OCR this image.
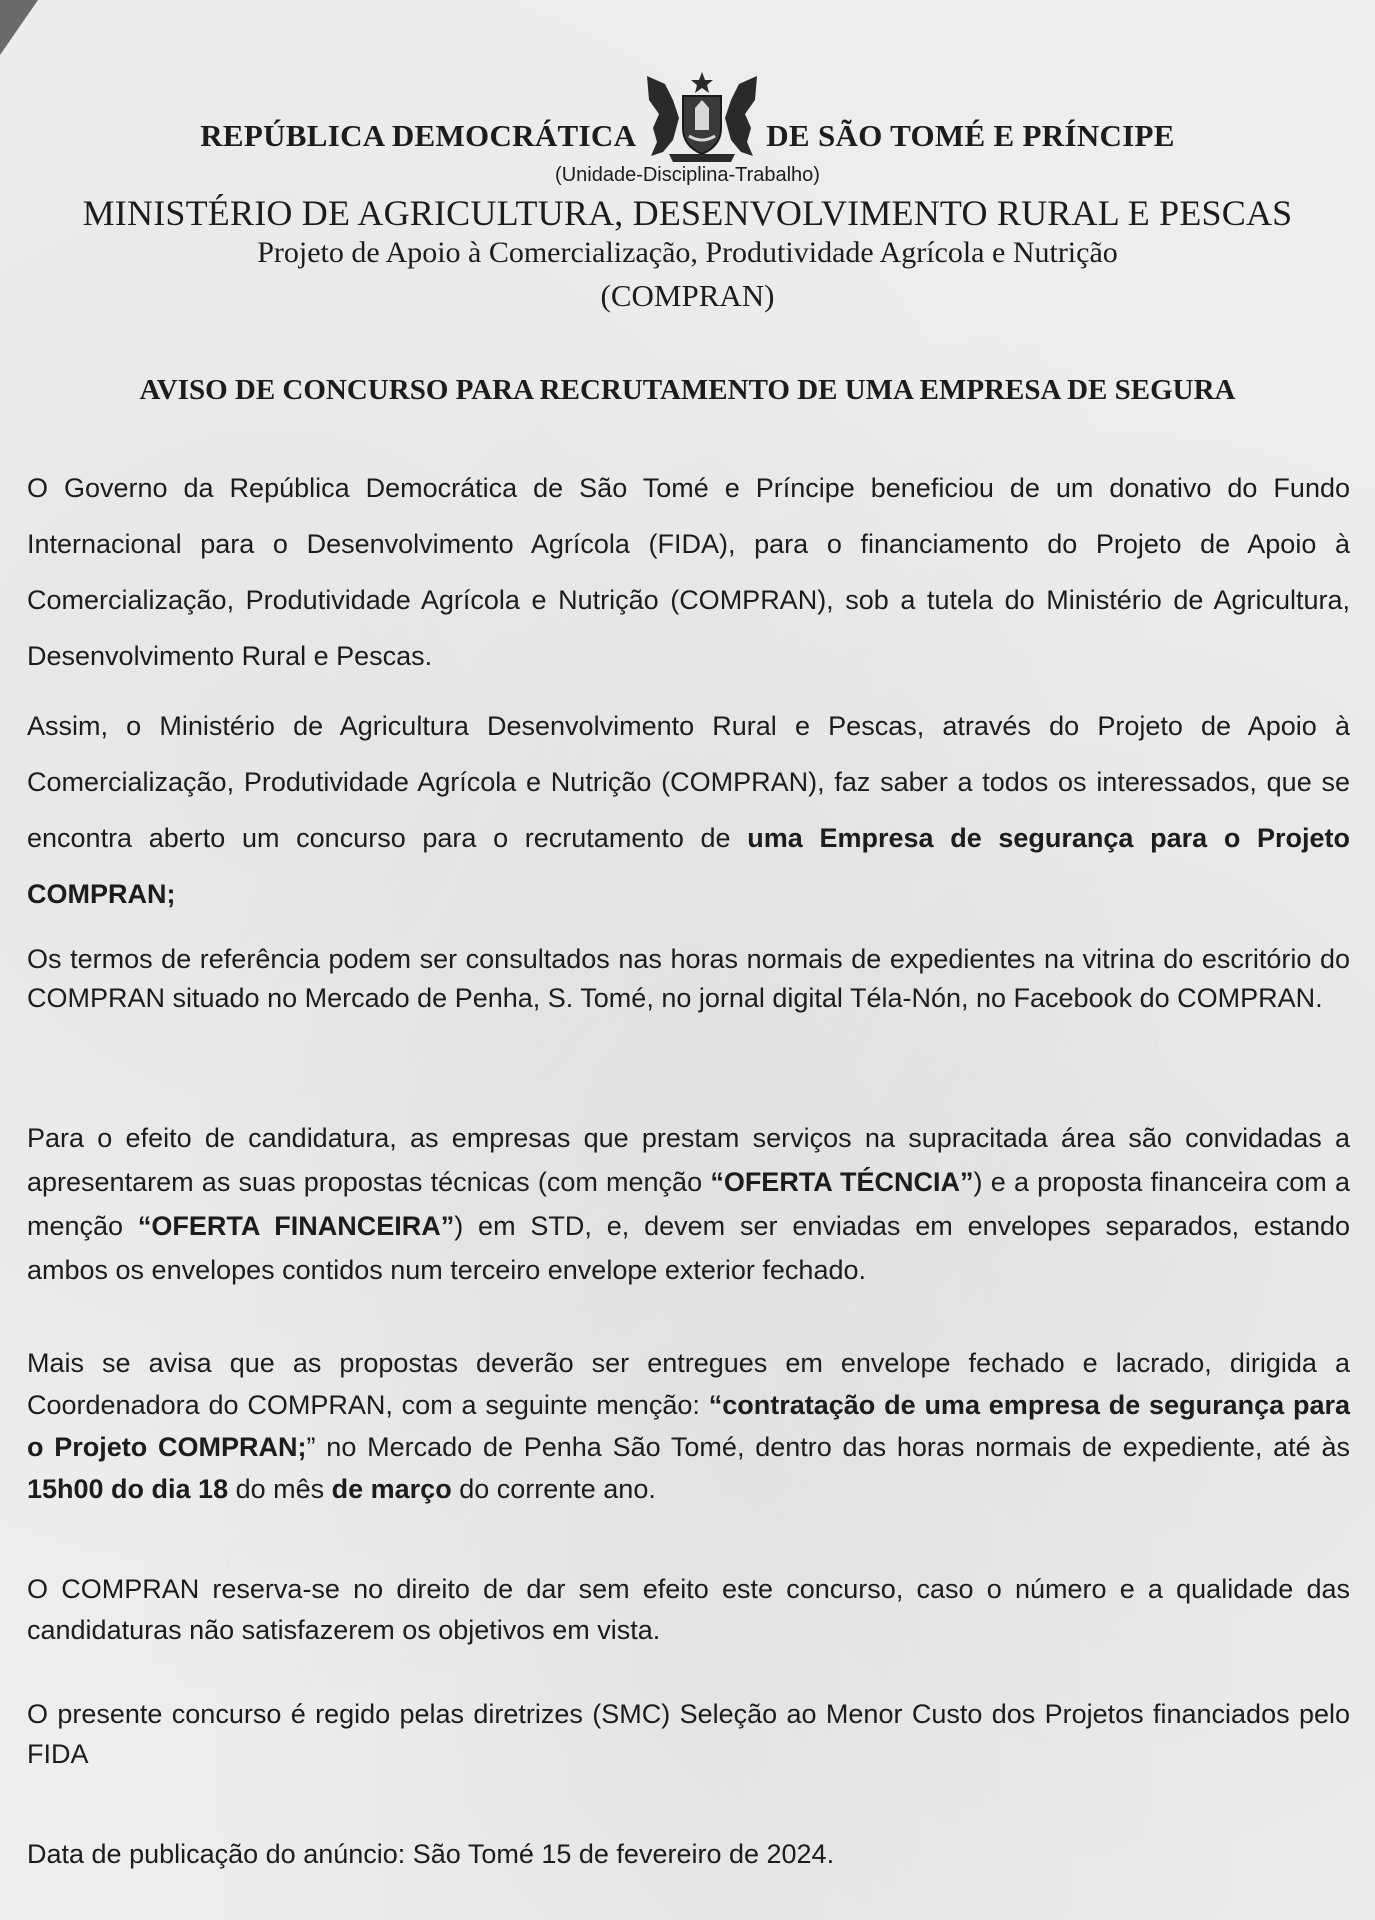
REPÚBLICA DEMOCRÁTICA	DE SÃO TOMÉ E PRÍNCIPE
(Unidade-Disciplina-Trabalho)
MINISTÉRIO DE AGRICULTURA, DESENVOLVIMENTO RURAL E PESCAS
Projeto de Apoio à Comercialização, Produtividade Agrícola e Nutrição
(COMPRAN)
AVISO DE CONCURSO PARA RECRUTAMENTO DE UMA EMPRESA DE SEGURA
O Governo da República Democrática de São Tomé e Príncipe beneficiou de um donativo do Fundo Internacional para o Desenvolvimento Agrícola (FIDA), para o financiamento do Projeto de Apoio à Comercialização, Produtividade Agrícola e Nutrição (COMPRAN), sob a tutela do Ministério de Agricultura, Desenvolvimento Rural e Pescas.
Assim, o Ministério de Agricultura Desenvolvimento Rural e Pescas, através do Projeto de Apoio à Comercialização, Produtividade Agrícola e Nutrição (COMPRAN), faz saber a todos os interessados, que se encontra aberto um concurso para o recrutamento de uma Empresa de segurança para o Projeto COMPRAN;
Os termos de referência podem ser consultados nas horas normais de expedientes na vitrina do escritório do COMPRAN situado no Mercado de Penha, S. Tomé, no jornal digital Téla-Nón, no Facebook do COMPRAN.
Para o efeito de candidatura, as empresas que prestam serviços na supracitada área são convidadas a apresentarem as suas propostas técnicas (com menção “OFERTA TÉCNCIA”) e a proposta financeira com a menção “OFERTA FINANCEIRA”) em STD, e, devem ser enviadas em envelopes separados, estando ambos os envelopes contidos num terceiro envelope exterior fechado.
Mais se avisa que as propostas deverão ser entregues em envelope fechado e lacrado, dirigida a Coordenadora do COMPRAN, com a seguinte menção: “contratação de uma empresa de segurança para o Projeto COMPRAN;” no Mercado de Penha São Tomé, dentro das horas normais de expediente, até às 15h00 do dia 18 do mês de março do corrente ano.
O COMPRAN reserva-se no direito de dar sem efeito este concurso, caso o número e a qualidade das candidaturas não satisfazerem os objetivos em vista.
O presente concurso é regido pelas diretrizes (SMC) Seleção ao Menor Custo dos Projetos financiados pelo FIDA
Data de publicação do anúncio: São Tomé 15 de fevereiro de 2024.
